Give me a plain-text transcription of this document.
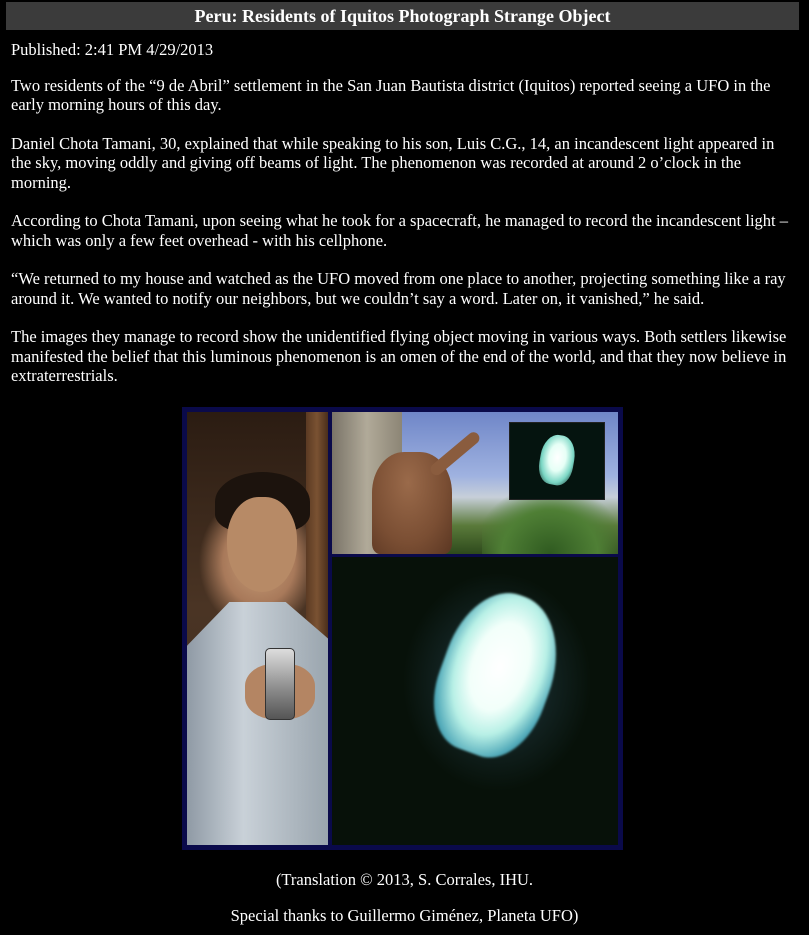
Peru: Residents of Iquitos Photograph Strange Object

Published: 2:41 PM 4/29/2013

Two residents of the “9 de Abril” settlement in the San Juan Bautista district (Iquitos) reported seeing a UFO in the early morning hours of this day.

Daniel Chota Tamani, 30, explained that while speaking to his son, Luis C.G., 14, an incandescent light appeared in the sky, moving oddly and giving off beams of light. The phenomenon was recorded at around 2 o’clock in the morning.

According to Chota Tamani, upon seeing what he took for a spacecraft, he managed to record the incandescent light – which was only a few feet overhead - with his cellphone.

“We returned to my house and watched as the UFO moved from one place to another, projecting something like a ray around it. We wanted to notify our neighbors, but we couldn’t say a word. Later on, it vanished,” he said.

The images they manage to record show the unidentified flying object moving in various ways. Both settlers likewise manifested the belief that this luminous phenomenon is an omen of the end of the world, and that they now believe in extraterrestrials.

(Translation © 2013, S. Corrales, IHU.
Special thanks to Guillermo Giménez, Planeta UFO)
